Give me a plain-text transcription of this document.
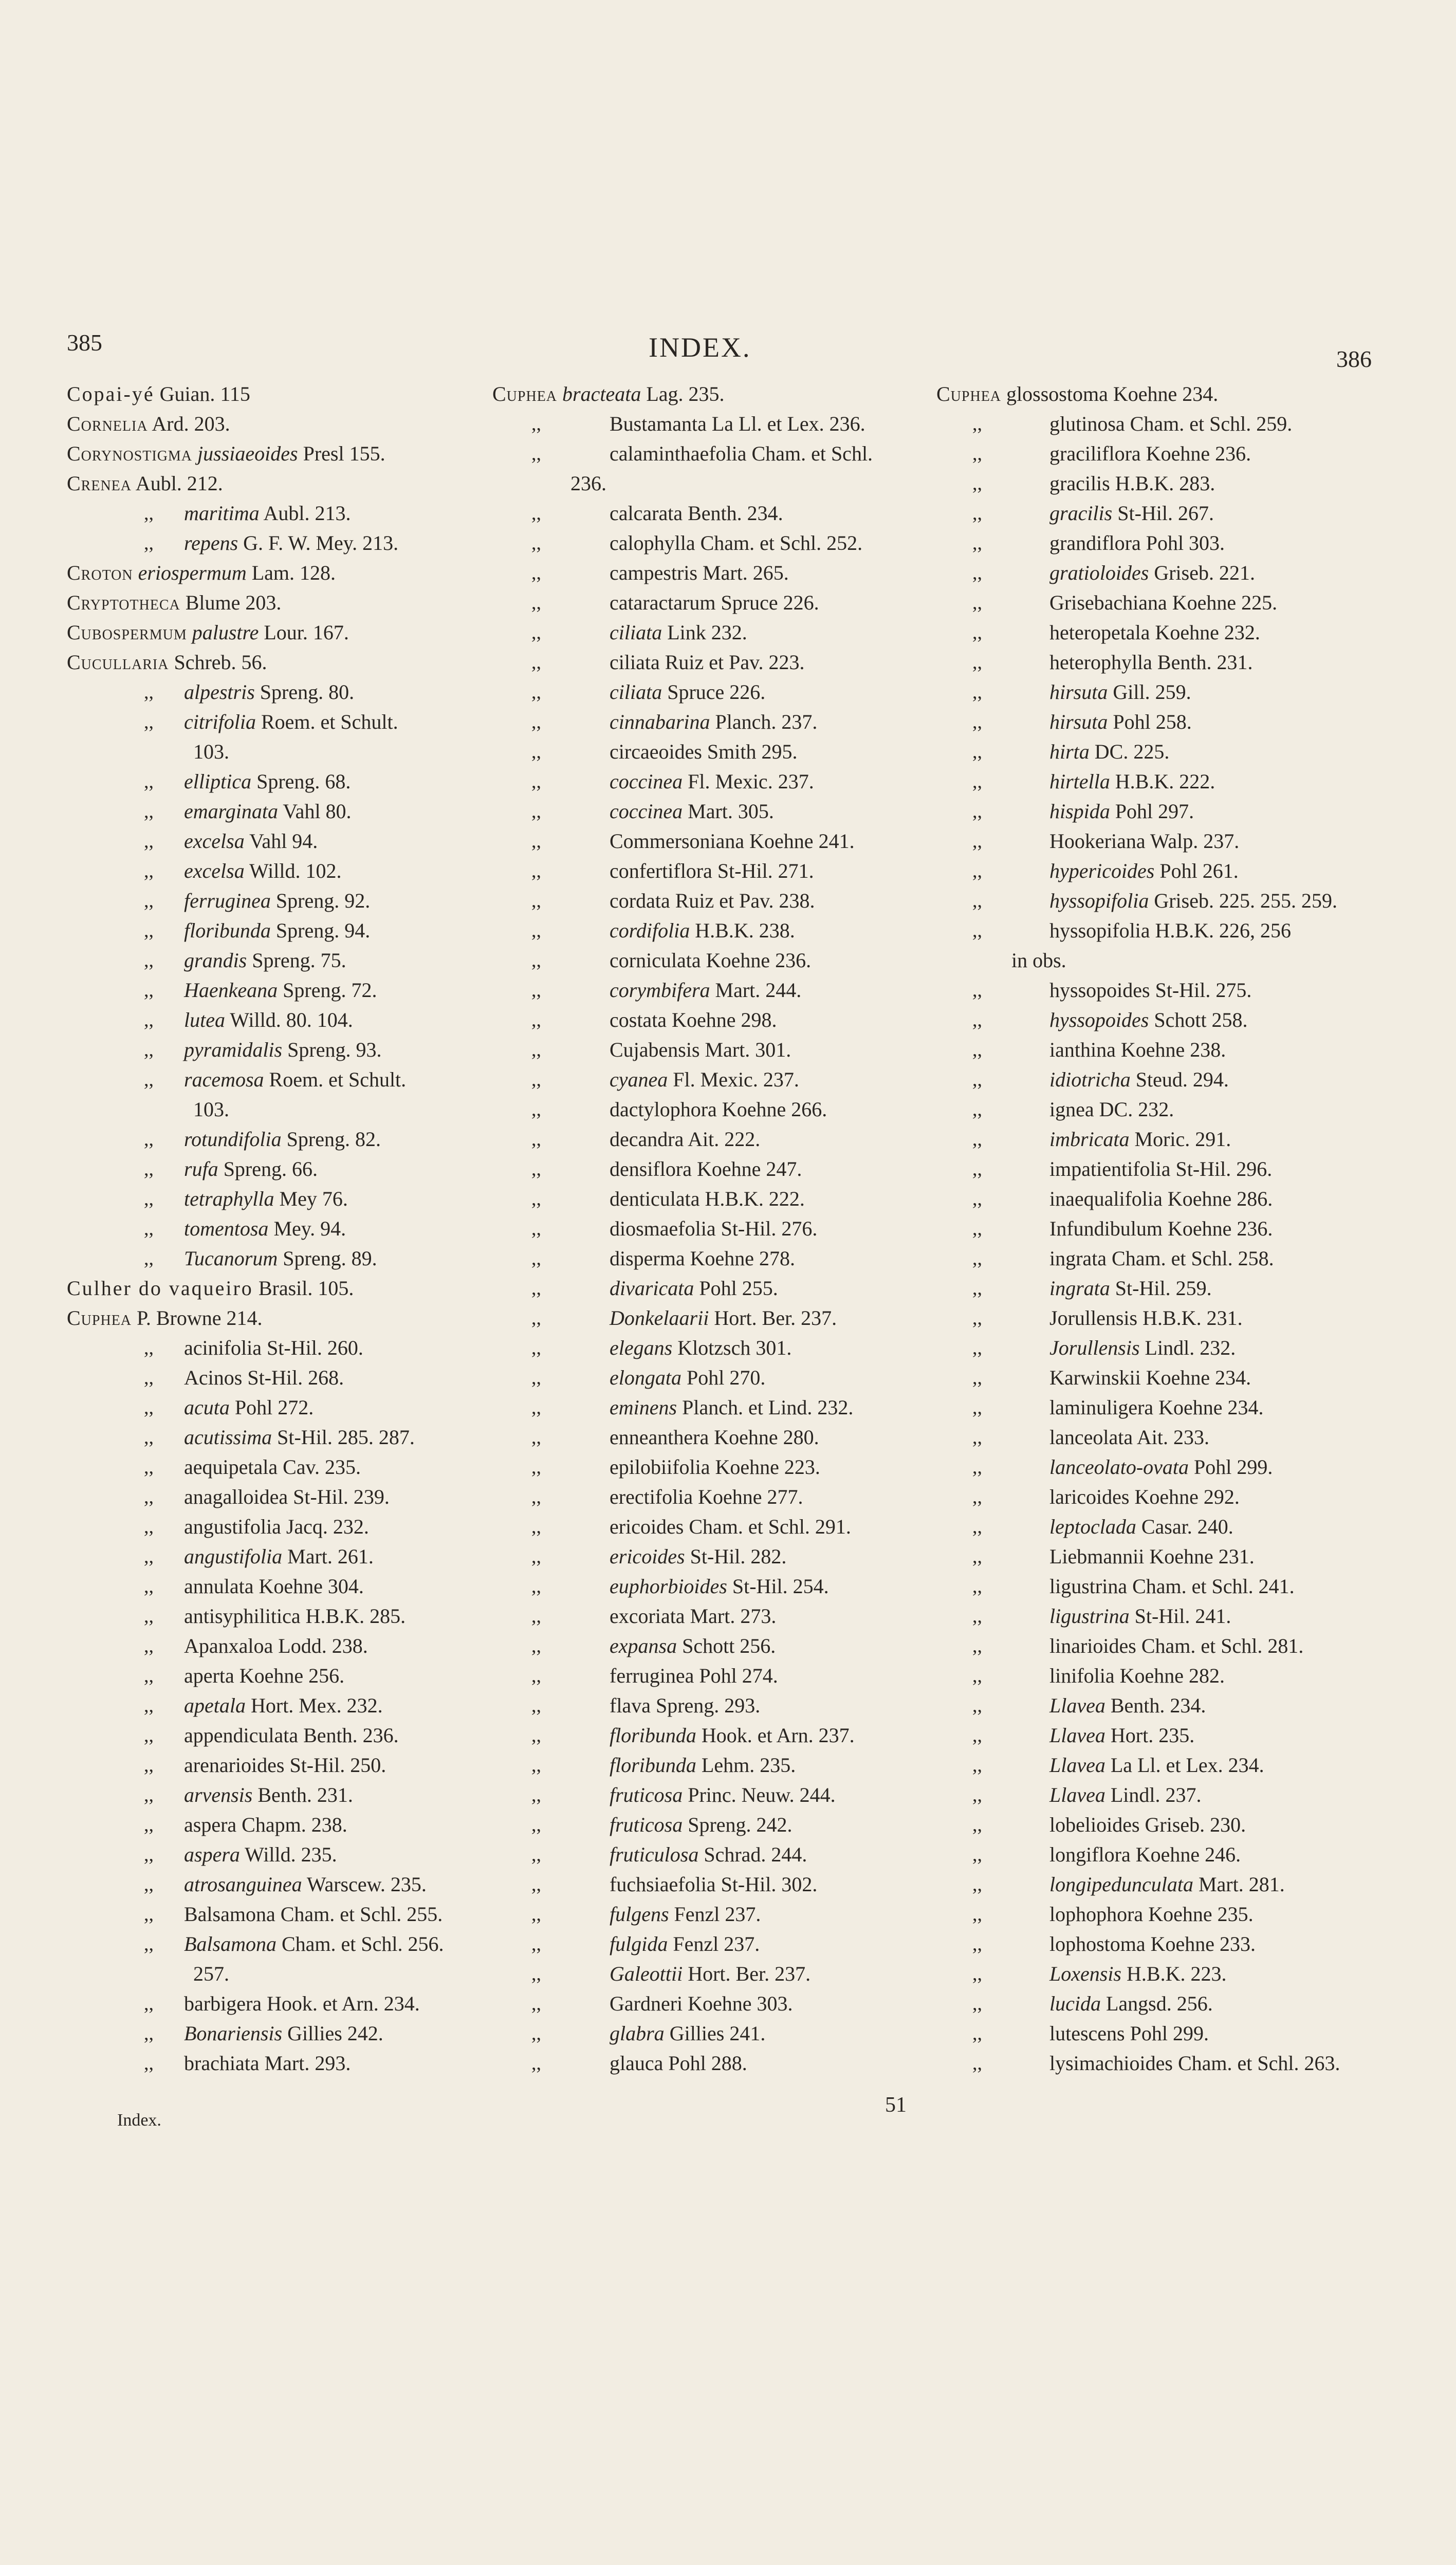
385	INDEX.	386
Copai-yé Guian. 115
Cornelia Ard. 203.
Corynostigma jussiaeoides Presl 155.
Crenea Aubl. 212.
,, maritima Aubl. 213.
,, repens G. F. W. Mey. 213.
Croton eriospermum Lam. 128.
Cryptotheca Blume 203.
Cubospermum palustre Lour. 167.
Cucullaria Schreb. 56.
,, alpestris Spreng. 80.
,, citrifolia Roem. et Schult.
103.
,, elliptica Spreng. 68.
,, emarginata Vahl 80.
,, excelsa Vahl 94.
,, excelsa Willd. 102.
,, ferruginea Spreng. 92.
,, floribunda Spreng. 94.
,, grandis Spreng. 75.
,, Haenkeana Spreng. 72.
,, lutea Willd. 80. 104.
,, pyramidalis Spreng. 93.
,, racemosa Roem. et Schult.
103.
,, rotundifolia Spreng. 82.
,, rufa Spreng. 66.
,, tetraphylla Mey 76.
,, tomentosa Mey. 94.
,, Tucanorum Spreng. 89.
Culher do vaqueiro Brasil. 105.
Cuphea P. Browne 214.
,, acinifolia St-Hil. 260.
,, Acinos St-Hil. 268.
,, acuta Pohl 272.
,, acutissima St-Hil. 285. 287.
,, aequipetala Cav. 235.
,, anagalloidea St-Hil. 239.
,, angustifolia Jacq. 232.
,, angustifolia Mart. 261.
,, annulata Koehne 304.
,, antisyphilitica H.B.K. 285.
,, Apanxaloa Lodd. 238.
,, aperta Koehne 256.
,, apetala Hort. Mex. 232.
,, appendiculata Benth. 236.
,, arenarioides St-Hil. 250.
,, arvensis Benth. 231.
,, aspera Chapm. 238.
,, aspera Willd. 235.
,, atrosanguinea Warscew. 235.
,, Balsamona Cham. et Schl. 255.
,, Balsamona Cham. et Schl. 256.
257.
,, barbigera Hook. et Arn. 234.
,, Bonariensis Gillies 242.
,, brachiata Mart. 293.
Cuphea bracteata Lag. 235.
,,	Bustamanta La Ll. et Lex. 236.
,,	calaminthaefolia Cham. et Schl.
236.
,,	calcarata Benth. 234.
,,	calophylla Cham. et Schl. 252.
,,	campestris Mart. 265.
,,	cataractarum Spruce 226.
,,	ciliata Link 232.
,,	ciliata Ruiz et Pav. 223.
,,	ciliata Spruce 226.
,,	cinnabarina Planch. 237.
,,	circaeoides Smith 295.
,,	coccinea Fl. Mexic. 237.
,,	coccinea Mart. 305.
,,	Commersoniana Koehne 241.
,,	confertiflora St-Hil. 271.
,,	cordata Ruiz et Pav. 238.
,,	cordifolia H.B.K. 238.
,,	corniculata Koehne 236.
,,	corymbifera Mart. 244.
,,	costata Koehne 298.
,,	Cujabensis Mart. 301.
,,	cyanea Fl. Mexic. 237.
,,	dactylophora Koehne 266.
,,	decandra Ait. 222.
,,	densiflora Koehne 247.
,,	denticulata H.B.K. 222.
,,	diosmaefolia St-Hil. 276.
,,	disperma Koehne 278.
,,	divaricata Pohl 255.
,,	Donkelaarii Hort. Ber. 237.
,,	elegans Klotzsch 301.
,,	elongata Pohl 270.
,,	eminens Planch. et Lind. 232.
,,	enneanthera Koehne 280.
,,	epilobiifolia Koehne 223.
,,	erectifolia Koehne 277.
,,	ericoides Cham. et Schl. 291.
,,	ericoides St-Hil. 282.
,,	euphorbioides St-Hil. 254.
,,	excoriata Mart. 273.
,,	expansa Schott 256.
,,	ferruginea Pohl 274.
,,	flava Spreng. 293.
,,	floribunda Hook. et Arn. 237.
,,	floribunda Lehm. 235.
,,	fruticosa Princ. Neuw. 244.
,,	fruticosa Spreng. 242.
,,	fruticulosa Schrad. 244.
,,	fuchsiaefolia St-Hil. 302.
,,	fulgens Fenzl 237.
,,	fulgida Fenzl 237.
,,	Galeottii Hort. Ber. 237.
,,	Gardneri Koehne 303.
,,	glabra Gillies 241.
,,	glauca Pohl 288.
Cuphea glossostoma Koehne 234.
,,	glutinosa Cham. et Schl. 259.
,,	graciliflora Koehne 236.
,,	gracilis H.B.K. 283.
,,	gracilis St-Hil. 267.
,,	grandiflora Pohl 303.
,,	gratioloides Griseb. 221.
,,	Grisebachiana Koehne 225.
,,	heteropetala Koehne 232.
,,	heterophylla Benth. 231.
,,	hirsuta Gill. 259.
,,	hirsuta Pohl 258.
,,	hirta DC. 225.
,,	hirtella H.B.K. 222.
,,	hispida Pohl 297.
,,	Hookeriana Walp. 237.
,,	hypericoides Pohl 261.
,,	hyssopifolia Griseb. 225. 255. 259.
,,	hyssopifolia H.B.K. 226, 256
in obs.
,,	hyssopoides St-Hil. 275.
,,	hyssopoides Schott 258.
,,	ianthina Koehne 238.
,,	idiotricha Steud. 294.
,,	ignea DC. 232.
,,	imbricata Moric. 291.
,,	impatientifolia St-Hil. 296.
,,	inaequalifolia Koehne 286.
,,	Infundibulum Koehne 236.
,,	ingrata Cham. et Schl. 258.
,,	ingrata St-Hil. 259.
,,	Jorullensis H.B.K. 231.
,,	Jorullensis Lindl. 232.
,,	Karwinskii Koehne 234.
,,	laminuligera Koehne 234.
,,	lanceolata Ait. 233.
,,	lanceolato-ovata Pohl 299.
,,	laricoides Koehne 292.
,,	leptoclada Casar. 240.
,,	Liebmannii Koehne 231.
,,	ligustrina Cham. et Schl. 241.
,,	ligustrina St-Hil. 241.
,,	linarioides Cham. et Schl. 281.
,,	linifolia Koehne 282.
,,	Llavea Benth. 234.
,,	Llavea Hort. 235.
,,	Llavea La Ll. et Lex. 234.
,,	Llavea Lindl. 237.
,,	lobelioides Griseb. 230.
,,	longiflora Koehne 246.
,,	longipedunculata Mart. 281.
,,	lophophora Koehne 235.
,,	lophostoma Koehne 233.
,,	Loxensis H.B.K. 223.
,,	lucida Langsd. 256.
,,	lutescens Pohl 299.
,,	lysimachioides Cham. et Schl. 263.
Index.
51
